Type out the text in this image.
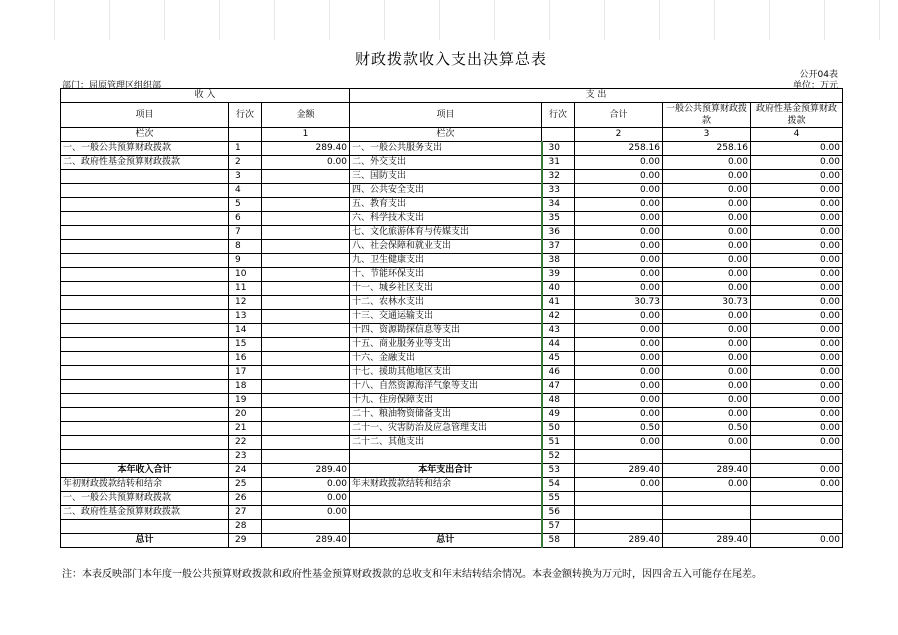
财政拨款收入支出决算总表
公开04表
部门：屈原管理区组织部	单位：万元
收 入			支 出				
项目	行次	金额	项目	行次	合计	一般公共预算财政拨款	政府性基金预算财政拨款
栏次		1	栏次		2	3	4
一、一般公共预算财政拨款	1	289.40	一、一般公共服务支出	30	258.16	258.16	0.00
二、政府性基金预算财政拨款	2	0.00	二、外交支出	31	0.00	0.00	0.00
	3		三、国防支出	32	0.00	0.00	0.00
	4		四、公共安全支出	33	0.00	0.00	0.00
	5		五、教育支出	34	0.00	0.00	0.00
	6		六、科学技术支出	35	0.00	0.00	0.00
	7		七、文化旅游体育与传媒支出	36	0.00	0.00	0.00
	8		八、社会保障和就业支出	37	0.00	0.00	0.00
	9		九、卫生健康支出	38	0.00	0.00	0.00
	10		十、节能环保支出	39	0.00	0.00	0.00
	11		十一、城乡社区支出	40	0.00	0.00	0.00
	12		十二、农林水支出	41	30.73	30.73	0.00
	13		十三、交通运输支出	42	0.00	0.00	0.00
	14		十四、资源勘探信息等支出	43	0.00	0.00	0.00
	15		十五、商业服务业等支出	44	0.00	0.00	0.00
	16		十六、金融支出	45	0.00	0.00	0.00
	17		十七、援助其他地区支出	46	0.00	0.00	0.00
	18		十八、自然资源海洋气象等支出	47	0.00	0.00	0.00
	19		十九、住房保障支出	48	0.00	0.00	0.00
	20		二十、粮油物资储备支出	49	0.00	0.00	0.00
	21		二十一、灾害防治及应急管理支出	50	0.50	0.50	0.00
	22		二十二、其他支出	51	0.00	0.00	0.00
	23			52			
本年收入合计	24	289.40	本年支出合计	53	289.40	289.40	0.00
年初财政拨款结转和结余	25	0.00	年末财政拨款结转和结余	54	0.00	0.00	0.00
一、一般公共预算财政拨款	26	0.00		55			
二、政府性基金预算财政拨款	27	0.00		56			
	28			57			
总计	29	289.40	总计	58	289.40	289.40	0.00
注：本表反映部门本年度一般公共预算财政拨款和政府性基金预算财政拨款的总收支和年末结转结余情况。本表金额转换为万元时，因四舍五入可能存在尾差。
